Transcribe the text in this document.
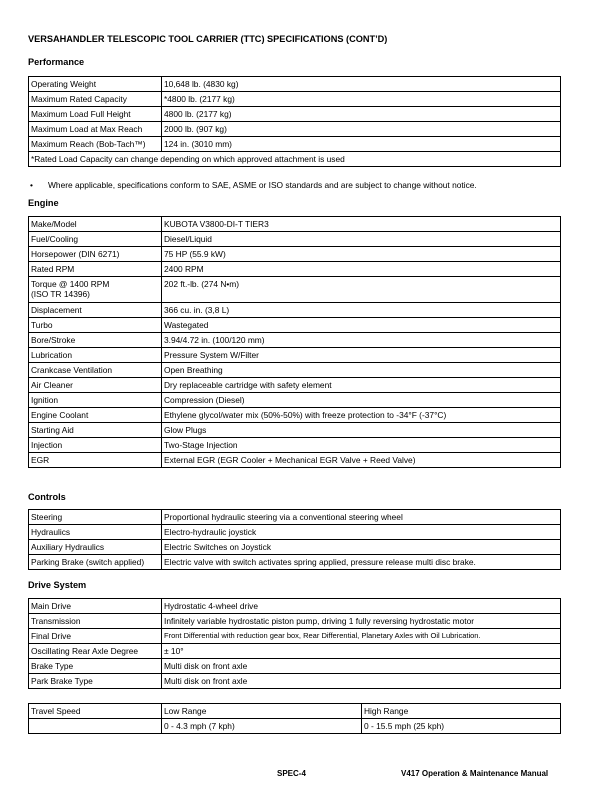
VERSAHANDLER TELESCOPIC TOOL CARRIER (TTC) SPECIFICATIONS (CONT’D)
Performance
Operating Weight	10,648 lb. (4830 kg)
Maximum Rated Capacity	*4800 lb. (2177 kg)
Maximum Load Full Height	4800 lb. (2177 kg)
Maximum Load at Max Reach	2000 lb. (907 kg)
Maximum Reach (Bob-Tach™)	124 in. (3010 mm)
*Rated Load Capacity can change depending on which approved attachment is used	
• Where applicable, specifications conform to SAE, ASME or ISO standards and are subject to change without notice.
Engine
Make/Model	KUBOTA V3800-DI-T TIER3
Fuel/Cooling	Diesel/Liquid
Horsepower (DIN 6271)	75 HP (55.9 kW)
Rated RPM	2400 RPM
Torque @ 1400 RPM
(ISO TR 14396)	202 ft.-lb. (274 N•m)
Displacement	366 cu. in. (3,8 L)
Turbo	Wastegated
Bore/Stroke	3.94/4.72 in. (100/120 mm)
Lubrication	Pressure System W/Filter
Crankcase Ventilation	Open Breathing
Air Cleaner	Dry replaceable cartridge with safety element
Ignition	Compression (Diesel)
Engine Coolant	Ethylene glycol/water mix (50%-50%) with freeze protection to -34°F (-37°C)
Starting Aid	Glow Plugs
Injection	Two-Stage Injection
EGR	External EGR (EGR Cooler + Mechanical EGR Valve + Reed Valve)
Controls
Steering	Proportional hydraulic steering via a conventional steering wheel
Hydraulics	Electro-hydraulic joystick
Auxiliary Hydraulics	Electric Switches on Joystick
Parking Brake (switch applied)	Electric valve with switch activates spring applied, pressure release multi disc brake.
Drive System
Main Drive	Hydrostatic 4-wheel drive
Transmission	Infinitely variable hydrostatic piston pump, driving 1 fully reversing hydrostatic motor
Final Drive	Front Differential with reduction gear box, Rear Differential, Planetary Axles with Oil Lubrication.
Oscillating Rear Axle Degree	± 10°
Brake Type	Multi disk on front axle
Park Brake Type	Multi disk on front axle
Travel Speed	Low Range	High Range
	0 - 4.3 mph (7 kph)	0 - 15.5 mph (25 kph)
SPEC-4	V417 Operation & Maintenance Manual
